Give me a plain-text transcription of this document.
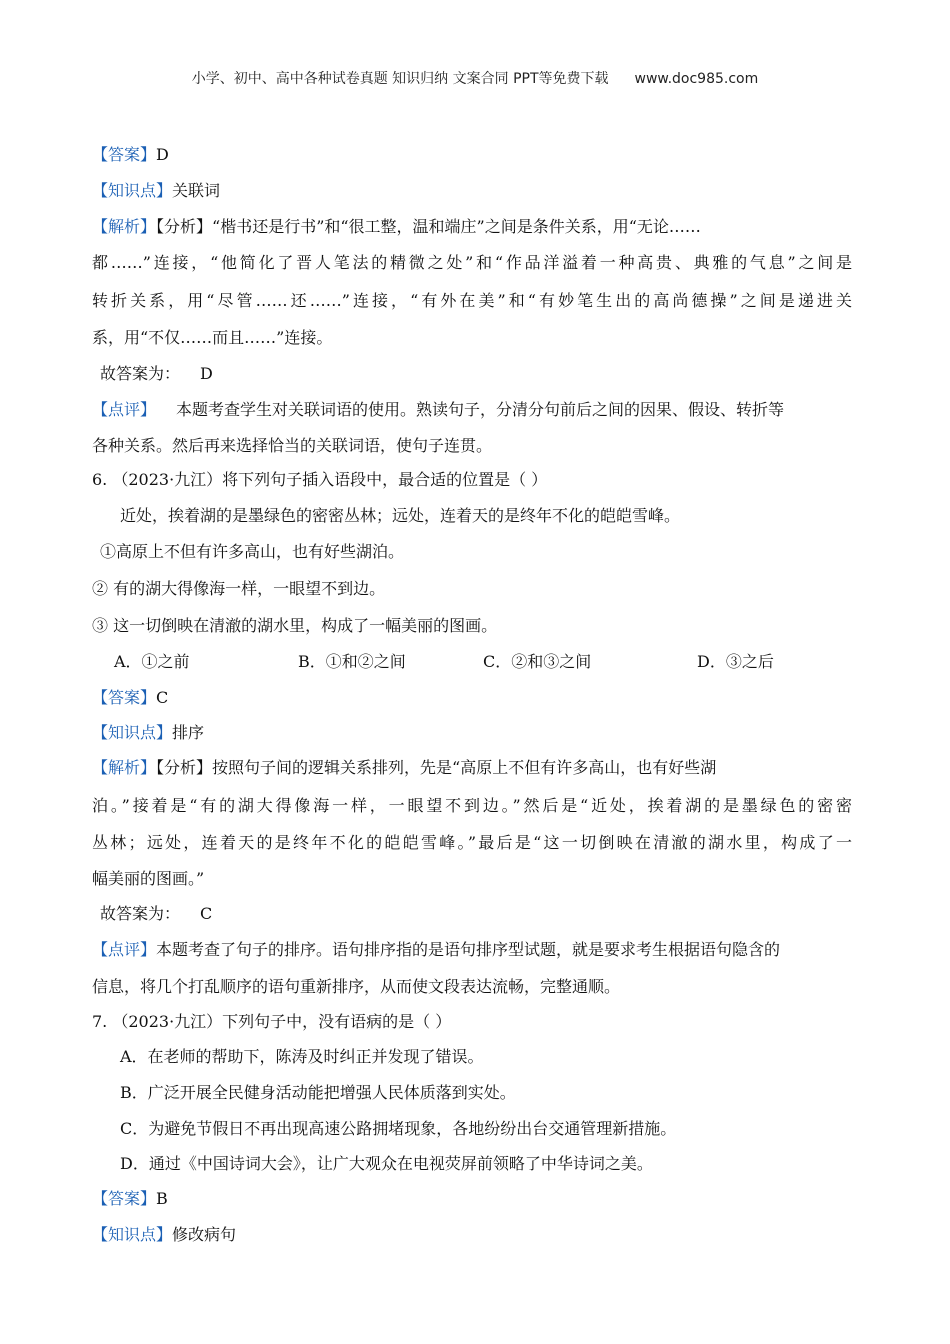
小学、初中、高中各种试卷真题 知识归纳 文案合同 PPT等免费下载 www.doc985.com
【答案】D
【知识点】关联词
【解析】【分析】“楷书还是行书”和“很工整，温和端庄”之间是条件关系，用“无论……
都……”连接，“他简化了晋人笔法的精微之处”和“作品洋溢着一种高贵、典雅的气息”之间是
转折关系，用“尽管……还……”连接，“有外在美”和“有妙笔生出的高尚德操”之间是递进关
系，用“不仅……而且……”连接。
故答案为： D
【点评】 本题考查学生对关联词语的使用。熟读句子，分清分句前后之间的因果、假设、转折等
各种关系。然后再来选择恰当的关联词语，使句子连贯。
6. （2023·九江）将下列句子插入语段中，最合适的位置是（ ）
近处，挨着湖的是墨绿色的密密丛林；远处，连着天的是终年不化的皑皑雪峰。
①高原上不但有许多高山，也有好些湖泊。
② 有的湖大得像海一样，一眼望不到边。
③ 这一切倒映在清澈的湖水里，构成了一幅美丽的图画。
A．①之前	B．①和②之间	C．②和③之间	D．③之后
【答案】C
【知识点】排序
【解析】【分析】按照句子间的逻辑关系排列，先是“高原上不但有许多高山，也有好些湖
泊。”接着是“有的湖大得像海一样，一眼望不到边。”然后是“近处，挨着湖的是墨绿色的密密
丛林；远处，连着天的是终年不化的皑皑雪峰。”最后是“这一切倒映在清澈的湖水里，构成了一
幅美丽的图画。”
故答案为： C
【点评】本题考查了句子的排序。语句排序指的是语句排序型试题，就是要求考生根据语句隐含的
信息，将几个打乱顺序的语句重新排序，从而使文段表达流畅，完整通顺。
7. （2023·九江）下列句子中，没有语病的是（ ）
A．在老师的帮助下，陈涛及时纠正并发现了错误。
B．广泛开展全民健身活动能把增强人民体质落到实处。
C．为避免节假日不再出现高速公路拥堵现象，各地纷纷出台交通管理新措施。
D．通过《中国诗词大会》，让广大观众在电视荧屏前领略了中华诗词之美。
【答案】B
【知识点】修改病句
